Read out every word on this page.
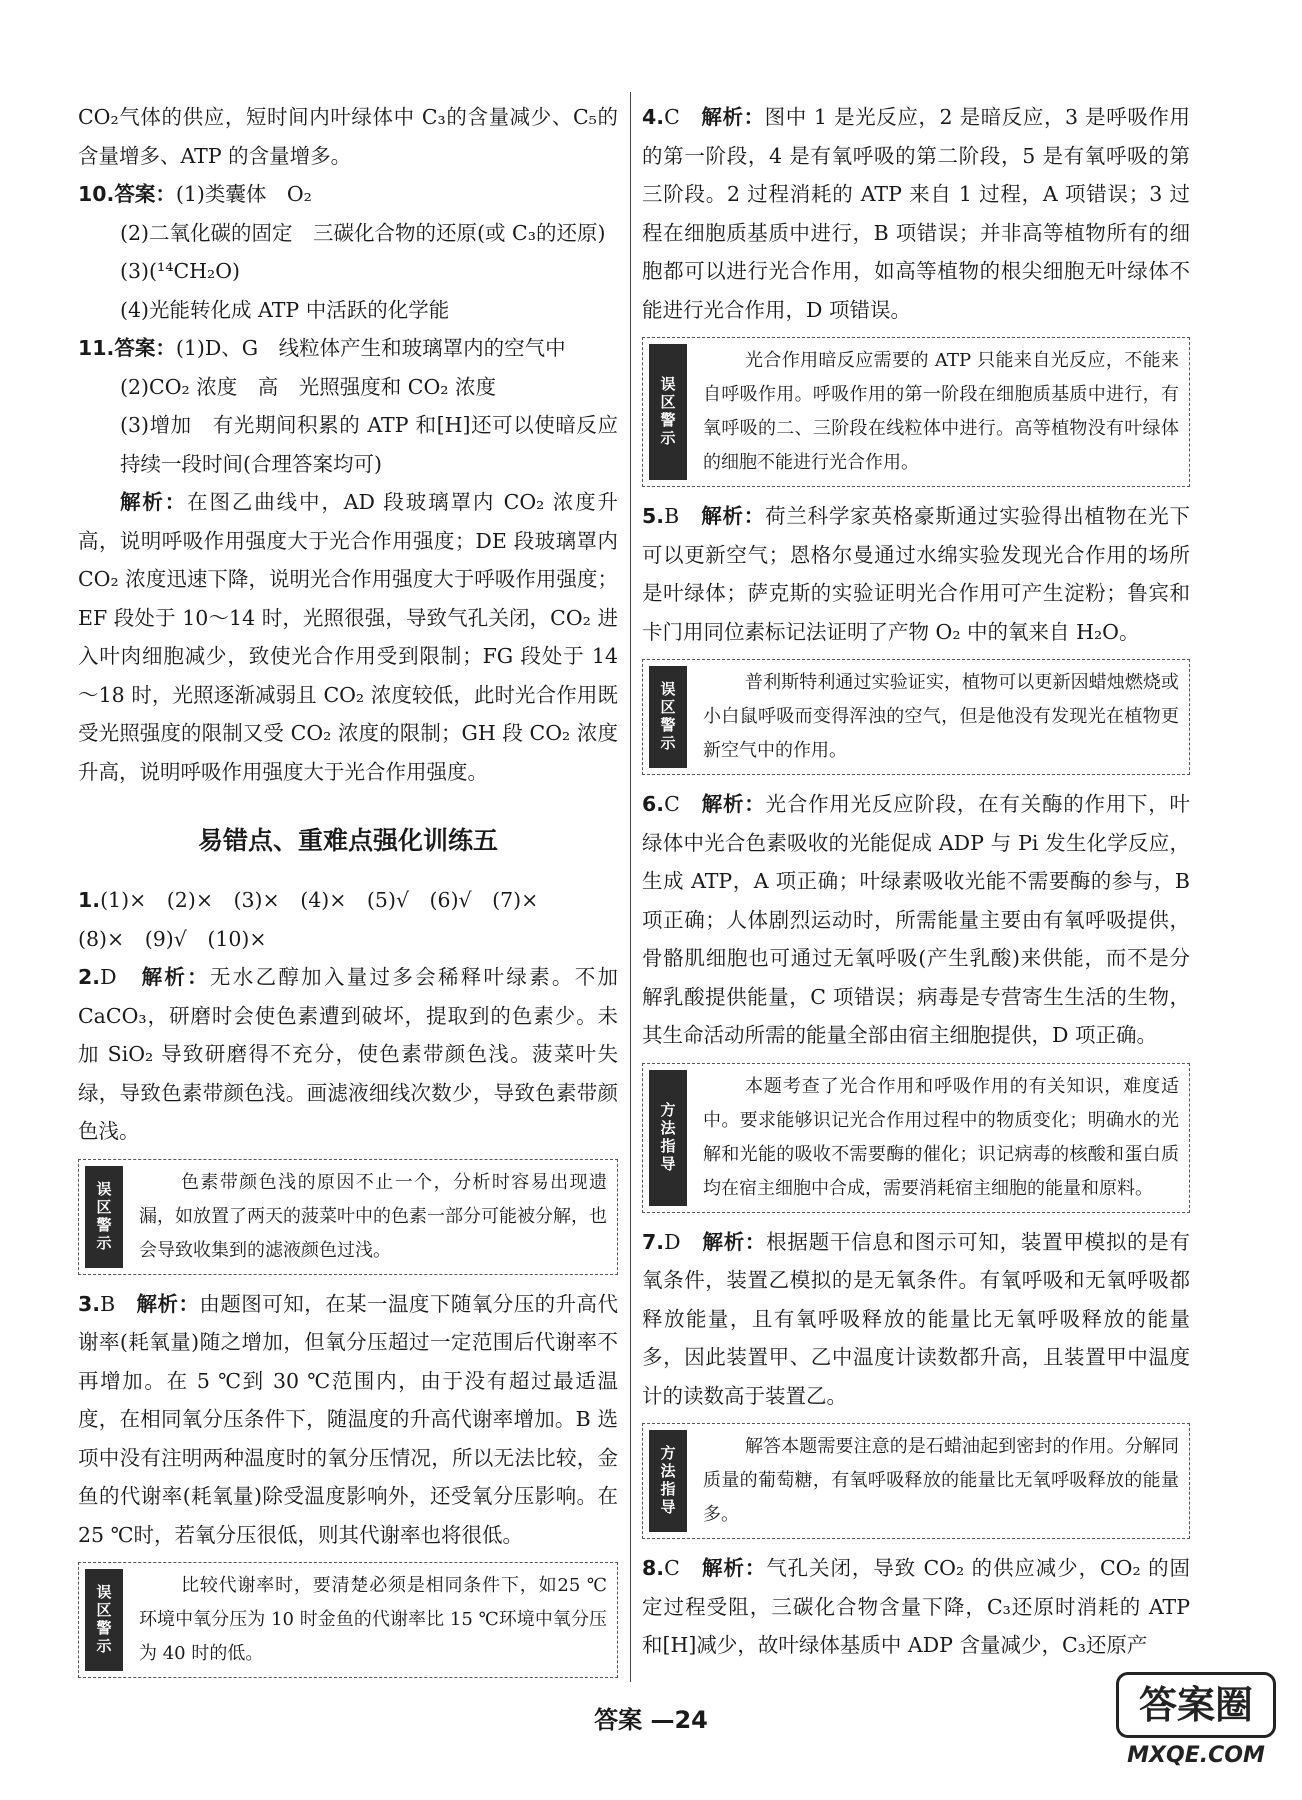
CO₂气体的供应，短时间内叶绿体中 C₃的含量减少、C₅的含量增多、ATP 的含量增多。

10.答案：(1)类囊体　O₂

(2)二氧化碳的固定　三碳化合物的还原(或 C₃的还原)

(3)(¹⁴CH₂O)

(4)光能转化成 ATP 中活跃的化学能

11.答案：(1)D、G　线粒体产生和玻璃罩内的空气中

(2)CO₂ 浓度　高　光照强度和 CO₂ 浓度

(3)增加　有光期间积累的 ATP 和[H]还可以使暗反应持续一段时间(合理答案均可)

解析：在图乙曲线中，AD 段玻璃罩内 CO₂ 浓度升高，说明呼吸作用强度大于光合作用强度；DE 段玻璃罩内 CO₂ 浓度迅速下降，说明光合作用强度大于呼吸作用强度；EF 段处于 10～14 时，光照很强，导致气孔关闭，CO₂ 进入叶肉细胞减少，致使光合作用受到限制；FG 段处于 14～18 时，光照逐渐减弱且 CO₂ 浓度较低，此时光合作用既受光照强度的限制又受 CO₂ 浓度的限制；GH 段 CO₂ 浓度升高，说明呼吸作用强度大于光合作用强度。

易错点、重难点强化训练五

1.(1)×　(2)×　(3)×　(4)×　(5)√　(6)√　(7)×

(8)×　(9)√　(10)×

2.D　解析：无水乙醇加入量过多会稀释叶绿素。不加 CaCO₃，研磨时会使色素遭到破坏，提取到的色素少。未加 SiO₂ 导致研磨得不充分，使色素带颜色浅。菠菜叶失绿，导致色素带颜色浅。画滤液细线次数少，导致色素带颜色浅。

误区警示	色素带颜色浅的原因不止一个，分析时容易出现遗漏，如放置了两天的菠菜叶中的色素一部分可能被分解，也会导致收集到的滤液颜色过浅。

3.B　解析：由题图可知，在某一温度下随氧分压的升高代谢率(耗氧量)随之增加，但氧分压超过一定范围后代谢率不再增加。在 5 ℃到 30 ℃范围内，由于没有超过最适温度，在相同氧分压条件下，随温度的升高代谢率增加。B 选项中没有注明两种温度时的氧分压情况，所以无法比较，金鱼的代谢率(耗氧量)除受温度影响外，还受氧分压影响。在 25 ℃时，若氧分压很低，则其代谢率也将很低。

误区警示	比较代谢率时，要清楚必须是相同条件下，如25 ℃环境中氧分压为 10 时金鱼的代谢率比 15 ℃环境中氧分压为 40 时的低。

4.C　解析：图中 1 是光反应，2 是暗反应，3 是呼吸作用的第一阶段，4 是有氧呼吸的第二阶段，5 是有氧呼吸的第三阶段。2 过程消耗的 ATP 来自 1 过程，A 项错误；3 过程在细胞质基质中进行，B 项错误；并非高等植物所有的细胞都可以进行光合作用，如高等植物的根尖细胞无叶绿体不能进行光合作用，D 项错误。

误区警示

光合作用暗反应需要的 ATP 只能来自光反应，不能来自呼吸作用。呼吸作用的第一阶段在细胞质基质中进行，有氧呼吸的二、三阶段在线粒体中进行。高等植物没有叶绿体的细胞不能进行光合作用。

5.B　解析：荷兰科学家英格豪斯通过实验得出植物在光下可以更新空气；恩格尔曼通过水绵实验发现光合作用的场所是叶绿体；萨克斯的实验证明光合作用可产生淀粉；鲁宾和卡门用同位素标记法证明了产物 O₂ 中的氧来自 H₂O。

误区警示	普利斯特利通过实验证实，植物可以更新因蜡烛燃烧或小白鼠呼吸而变得浑浊的空气，但是他没有发现光在植物更新空气中的作用。

6.C　解析：光合作用光反应阶段，在有关酶的作用下，叶绿体中光合色素吸收的光能促成 ADP 与 Pi 发生化学反应，生成 ATP，A 项正确；叶绿素吸收光能不需要酶的参与，B 项正确；人体剧烈运动时，所需能量主要由有氧呼吸提供，骨骼肌细胞也可通过无氧呼吸(产生乳酸)来供能，而不是分解乳酸提供能量，C 项错误；病毒是专营寄生生活的生物，其生命活动所需的能量全部由宿主细胞提供，D 项正确。

方法指导

本题考查了光合作用和呼吸作用的有关知识，难度适中。要求能够识记光合作用过程中的物质变化；明确水的光解和光能的吸收不需要酶的催化；识记病毒的核酸和蛋白质均在宿主细胞中合成，需要消耗宿主细胞的能量和原料。

7.D　解析：根据题干信息和图示可知，装置甲模拟的是有氧条件，装置乙模拟的是无氧条件。有氧呼吸和无氧呼吸都释放能量，且有氧呼吸释放的能量比无氧呼吸释放的能量多，因此装置甲、乙中温度计读数都升高，且装置甲中温度计的读数高于装置乙。

方法指导	解答本题需要注意的是石蜡油起到密封的作用。分解同质量的葡萄糖，有氧呼吸释放的能量比无氧呼吸释放的能量多。

8.C　解析：气孔关闭，导致 CO₂ 的供应减少，CO₂ 的固定过程受阻，三碳化合物含量下降，C₃还原时消耗的 ATP 和[H]减少，故叶绿体基质中 ADP 含量减少，C₃还原产

答案 —24	答案圈
MXQE.COM
